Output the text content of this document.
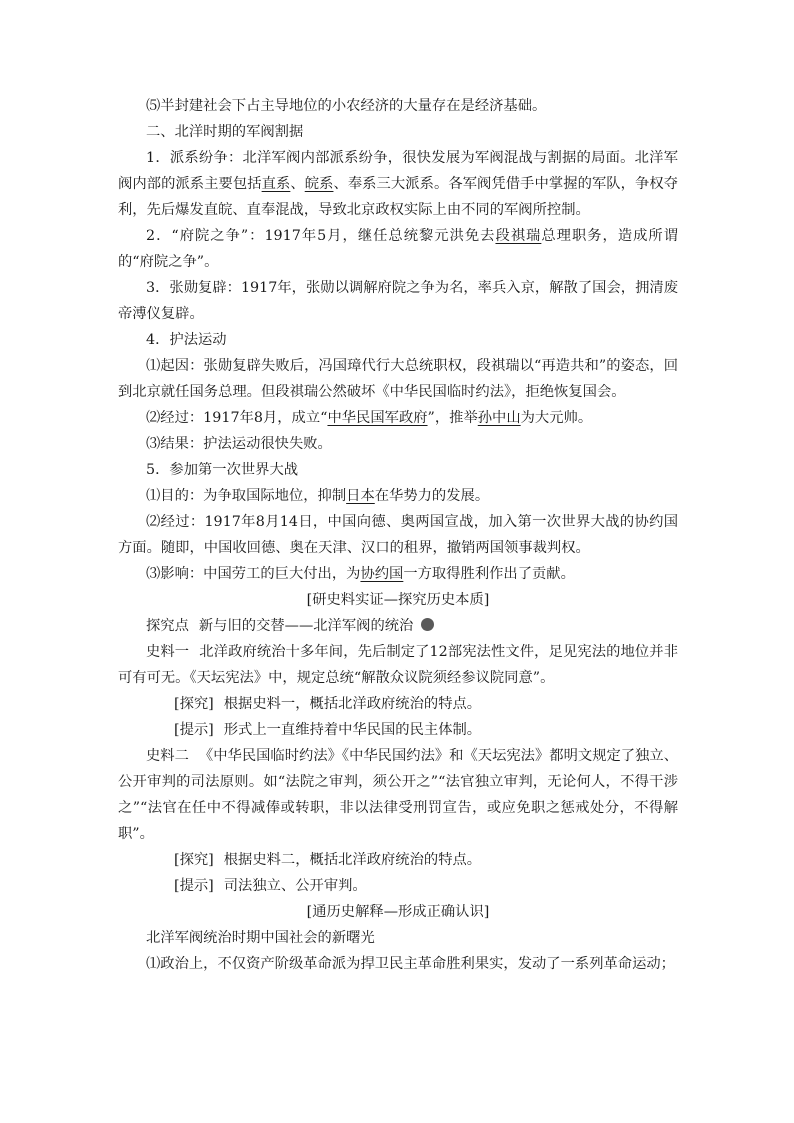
⑸半封建社会下占主导地位的小农经济的大量存在是经济基础。

二、北洋时期的军阀割据

1．派系纷争：北洋军阀内部派系纷争，很快发展为军阀混战与割据的局面。北洋军阀内部的派系主要包括直系、皖系、奉系三大派系。各军阀凭借手中掌握的军队，争权夺利，先后爆发直皖、直奉混战，导致北京政权实际上由不同的军阀所控制。

2．“府院之争”：1917年5月，继任总统黎元洪免去段祺瑞总理职务，造成所谓的“府院之争”。

3．张勋复辟：1917年，张勋以调解府院之争为名，率兵入京，解散了国会，拥清废帝溥仪复辟。

4．护法运动

⑴起因：张勋复辟失败后，冯国璋代行大总统职权，段祺瑞以“再造共和”的姿态，回到北京就任国务总理。但段祺瑞公然破坏《中华民国临时约法》，拒绝恢复国会。

⑵经过：1917年8月，成立“中华民国军政府”，推举孙中山为大元帅。

⑶结果：护法运动很快失败。

5．参加第一次世界大战

⑴目的：为争取国际地位，抑制日本在华势力的发展。

⑵经过：1917年8月14日，中国向德、奥两国宣战，加入第一次世界大战的协约国方面。随即，中国收回德、奥在天津、汉口的租界，撤销两国领事裁判权。

⑶影响：中国劳工的巨大付出，为协约国一方取得胜利作出了贡献。

[研史料实证—探究历史本质]

探究点 新与旧的交替——北洋军阀的统治

史料一 北洋政府统治十多年间，先后制定了12部宪法性文件，足见宪法的地位并非可有可无。《天坛宪法》中，规定总统“解散众议院须经参议院同意”。

[探究] 根据史料一，概括北洋政府统治的特点。

[提示] 形式上一直维持着中华民国的民主体制。

史料二 《中华民国临时约法》《中华民国约法》和《天坛宪法》都明文规定了独立、公开审判的司法原则。如“法院之审判，须公开之”“法官独立审判，无论何人，不得干涉之”“法官在任中不得减俸或转职，非以法律受刑罚宣告，或应免职之惩戒处分，不得解职”。

[探究] 根据史料二，概括北洋政府统治的特点。

[提示] 司法独立、公开审判。

[通历史解释—形成正确认识]

北洋军阀统治时期中国社会的新曙光

⑴政治上，不仅资产阶级革命派为捍卫民主革命胜利果实，发动了一系列革命运动；
